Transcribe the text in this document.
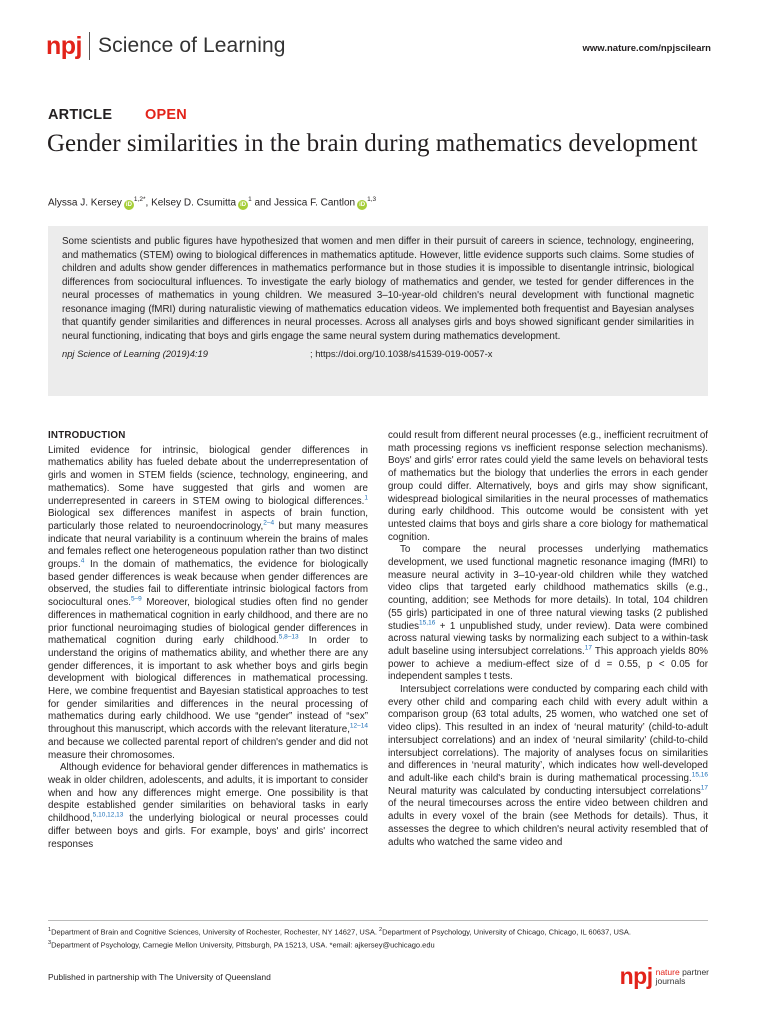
npj Science of Learning	www.nature.com/npjscilearn
ARTICLE OPEN
Gender similarities in the brain during mathematics development
Alyssa J. Kersey $iD^{1,2*}$, Kelsey D. Csumitta $iD^1$ and Jessica F. Cantlon iD$^{1,3}$

Some scientists and public figures have hypothesized that women and men differ in their pursuit of careers in science, technology, engineering, and mathematics (STEM) owing to biological differences in mathematics aptitude. However, little evidence supports such claims. Some studies of children and adults show gender differences in mathematics performance but in those studies it is impossible to disentangle intrinsic, biological differences from sociocultural influences. To investigate the early biology of mathematics and gender, we tested for gender differences in the neural processes of mathematics in young children. We measured 3–10-year-old children's neural development with functional magnetic resonance imaging (fMRI) during naturalistic viewing of mathematics education videos. We implemented both frequentist and Bayesian analyses that quantify gender similarities and differences in neural processes. Across all analyses girls and boys showed significant gender similarities in neural functioning, indicating that boys and girls engage the same neural system during mathematics development.

npj Science of Learning (2019)4:19	; https://doi.org/10.1038/s41539-019-0057-x
INTRODUCTION

Limited evidence for intrinsic, biological gender differences in mathematics ability has fueled debate about the underrepresentation of girls and women in STEM fields (science, technology, engineering, and mathematics). Some have suggested that girls and women are underrepresented in careers in STEM owing to biological differences.$^1$ Biological sex differences manifest in aspects of brain function, particularly those related to neuroendocrinology,$^{2-4}$ but many measures indicate that neural variability is a continuum wherein the brains of males and females reflect one heterogeneous population rather than two distinct groups.$^4$ In the domain of mathematics, the evidence for biologically based gender differences is weak because when gender differences are observed, the studies fail to differentiate intrinsic biological factors from sociocultural ones.$^{5-9}$ Moreover, biological studies often find no gender differences in mathematical cognition in early childhood, and there are no prior functional neuroimaging studies of biological gender differences in mathematical cognition during early childhood.$^{5,8-13}$ In order to understand the origins of mathematics ability, and whether there are any gender differences, it is important to ask whether boys and girls begin development with biological differences in mathematical processing. Here, we combine frequentist and Bayesian statistical approaches to test for gender similarities and differences in the neural processing of mathematics during early childhood. We use “gender” instead of “sex” throughout this manuscript, which accords with the relevant literature,$^{12-14}$ and because we collected parental report of children's gender and did not measure their chromosomes.

Although evidence for behavioral gender differences in mathematics is weak in older children, adolescents, and adults, it is important to consider when and how any differences might emerge. One possibility is that despite established gender similarities on behavioral tasks in early childhood,$^{5,10,12,13}$ the underlying biological or neural processes could differ between boys and girls. For example, boys' and girls' incorrect responses

could result from different neural processes (e.g., inefficient recruitment of math processing regions vs inefficient response selection mechanisms). Boys' and girls' error rates could yield the same levels on behavioral tests of mathematics but the biology that underlies the errors in each gender group could differ. Alternatively, boys and girls may show significant, widespread biological similarities in the neural processes of mathematics during early childhood. This outcome would be consistent with yet untested claims that boys and girls share a core biology for mathematical cognition.

To compare the neural processes underlying mathematics development, we used functional magnetic resonance imaging (fMRI) to measure neural activity in 3–10-year-old children while they watched video clips that targeted early childhood mathematics skills (e.g., counting, addition; see Methods for more details). In total, 104 children (55 girls) participated in one of three natural viewing tasks (2 published studies$^{15,16}$ + 1 unpublished study, under review). Data were combined across natural viewing tasks by normalizing each subject to a within-task adult baseline using intersubject correlations.$^{17}$ This approach yields 80% power to achieve a medium-effect size of d = 0.55, p < 0.05 for independent samples t tests.

Intersubject correlations were conducted by comparing each child with every other child and comparing each child with every adult within a comparison group (63 total adults, 25 women, who watched one set of video clips). This resulted in an index of ‘neural maturity’ (child-to-adult intersubject correlations) and an index of ‘neural similarity’ (child-to-child intersubject correlations). The majority of analyses focus on similarities and differences in ‘neural maturity’, which indicates how well-developed and adult-like each child's brain is during mathematical processing.$^{15,16}$ Neural maturity was calculated by conducting intersubject correlations$^{17}$ of the neural timecourses across the entire video between children and adults in every voxel of the brain (see Methods for details). Thus, it assesses the degree to which children's neural activity resembled that of adults who watched the same video and

$^1$Department of Brain and Cognitive Sciences, University of Rochester, Rochester, NY 14627, USA. $^2$Department of Psychology, University of Chicago, Chicago, IL 60637, USA.
$^3$Department of Psychology, Carnegie Mellon University, Pittsburgh, PA 15213, USA. *email: ajkersey@uchicago.edu
Published in partnership with The University of Queensland	npj nature partner
journals
